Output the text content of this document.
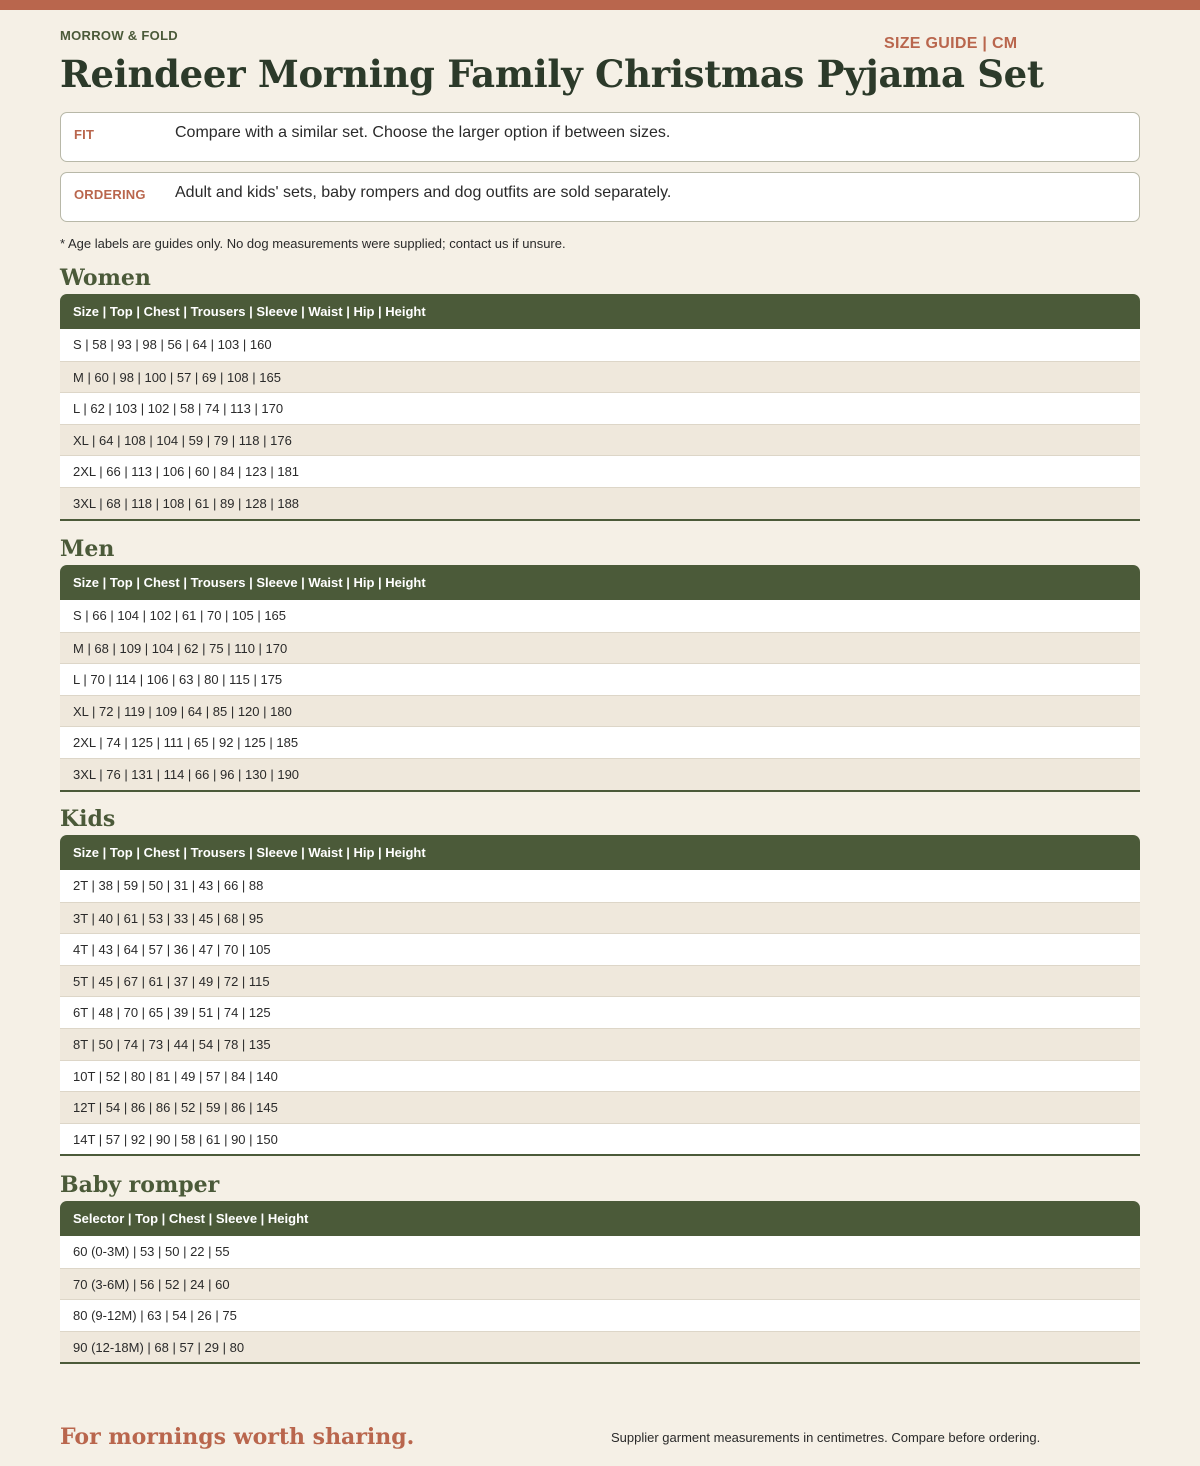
MORROW & FOLD	SIZE GUIDE | CM
Reindeer Morning Family Christmas Pyjama Set
FIT	Compare with a similar set. Choose the larger option if between sizes.
ORDERING Adult and kids' sets, baby rompers and dog outfits are sold separately.
* Age labels are guides only. No dog measurements were supplied; contact us if unsure.
Women
Size | Top | Chest | Trousers | Sleeve | Waist | Hip | Height
S | 58 | 93 | 98 | 56 | 64 | 103 | 160
M | 60 | 98 | 100 | 57 | 69 | 108 | 165
L | 62 | 103 | 102 | 58 | 74 | 113 | 170
XL | 64 | 108 | 104 | 59 | 79 | 118 | 176
2XL | 66 | 113 | 106 | 60 | 84 | 123 | 181
3XL | 68 | 118 | 108 | 61 | 89 | 128 | 188
Men
Size | Top | Chest | Trousers | Sleeve | Waist | Hip | Height
S | 66 | 104 | 102 | 61 | 70 | 105 | 165
M | 68 | 109 | 104 | 62 | 75 | 110 | 170
L | 70 | 114 | 106 | 63 | 80 | 115 | 175
XL | 72 | 119 | 109 | 64 | 85 | 120 | 180
2XL | 74 | 125 | 111 | 65 | 92 | 125 | 185
3XL | 76 | 131 | 114 | 66 | 96 | 130 | 190
Kids
Size | Top | Chest | Trousers | Sleeve | Waist | Hip | Height
2T | 38 | 59 | 50 | 31 | 43 | 66 | 88
3T | 40 | 61 | 53 | 33 | 45 | 68 | 95
4T | 43 | 64 | 57 | 36 | 47 | 70 | 105
5T | 45 | 67 | 61 | 37 | 49 | 72 | 115
6T | 48 | 70 | 65 | 39 | 51 | 74 | 125
8T | 50 | 74 | 73 | 44 | 54 | 78 | 135
10T | 52 | 80 | 81 | 49 | 57 | 84 | 140
12T | 54 | 86 | 86 | 52 | 59 | 86 | 145
14T | 57 | 92 | 90 | 58 | 61 | 90 | 150
Baby romper
Selector | Top | Chest | Sleeve | Height
60 (0-3M) | 53 | 50 | 22 | 55
70 (3-6M) | 56 | 52 | 24 | 60
80 (9-12M) | 63 | 54 | 26 | 75
90 (12-18M) | 68 | 57 | 29 | 80
For mornings worth sharing.	Supplier garment measurements in centimetres. Compare before ordering.
